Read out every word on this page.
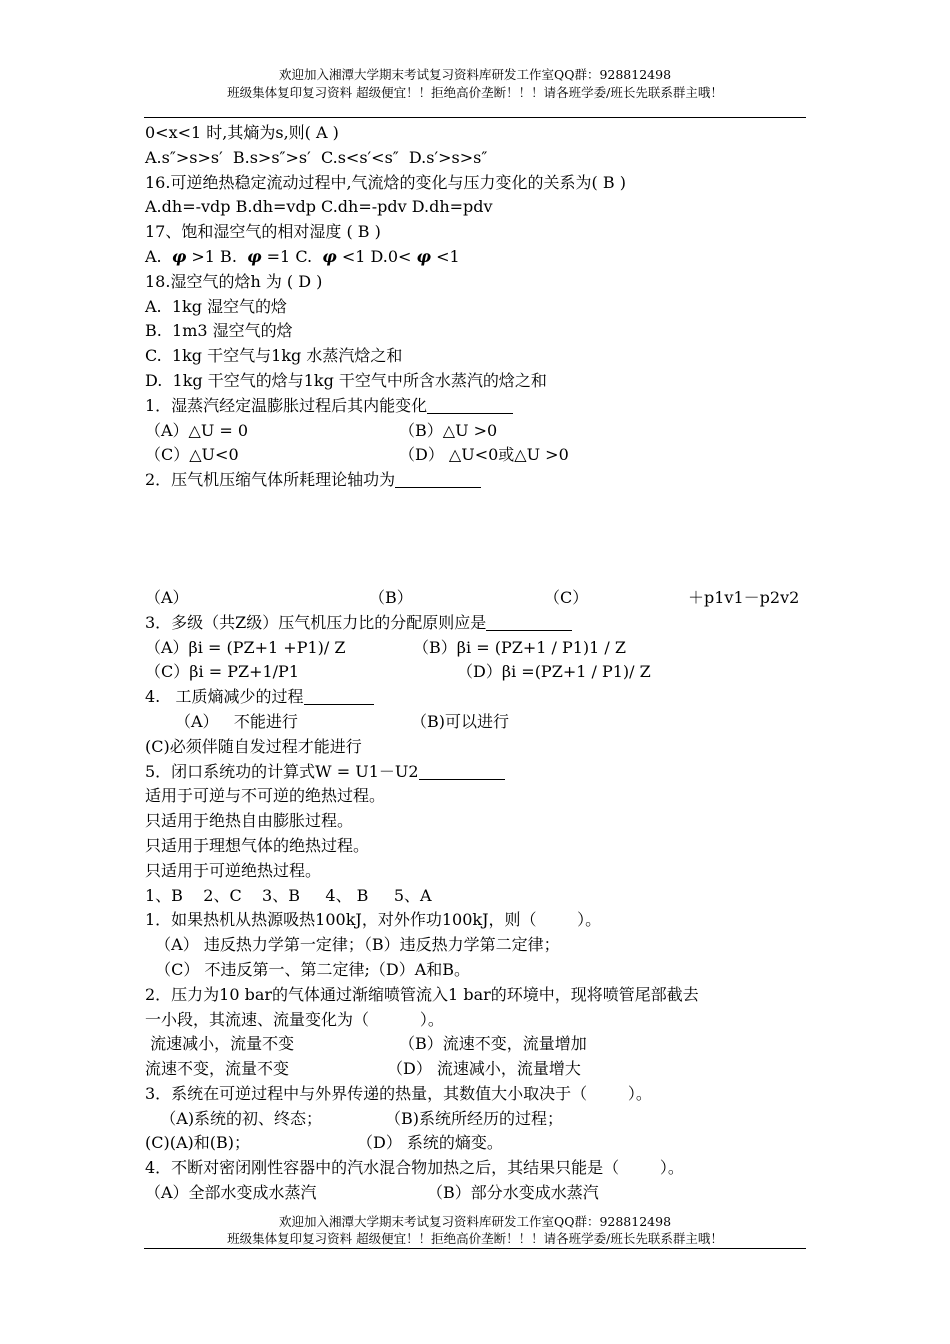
欢迎加入湘潭大学期末考试复习资料库研发工作室QQ群：928812498
班级集体复印复习资料 超级便宜！！拒绝高价垄断！！！请各班学委/班长先联系群主哦！
0<x<1 时,其熵为s,则( A )
A.s″>s>s′  B.s>s″>s′  C.s<s′<s″  D.s′>s>s″
16.可逆绝热稳定流动过程中,气流焓的变化与压力变化的关系为( B )
A.dh=-vdp B.dh=vdp C.dh=-pdv D.dh=pdv
17、饱和湿空气的相对湿度 ( B )
A.  φ >1 B.  φ =1 C.  φ <1 D.0< φ <1
18.湿空气的焓h 为 ( D )
A.  1kg 湿空气的焓
B.  1m3 湿空气的焓
C.  1kg 干空气与1kg 水蒸汽焓之和
D.  1kg 干空气的焓与1kg 干空气中所含水蒸汽的焓之和
1．湿蒸汽经定温膨胀过程后其内能变化
（A）△U = 0	（B）△U >0
（C）△U<0	（D） △U<0或△U >0
2．压气机压缩气体所耗理论轴功为
（A）	（B）	（C）	＋p1v1－p2v2
3．多级（共Z级）压气机压力比的分配原则应是
（A）βi = (PZ+1 +P1)/ Z	（B）βi = (PZ+1 / P1)1 / Z
（C）βi = PZ+1/P1	（D）βi =(PZ+1 / P1)/ Z
4.   工质熵减少的过程
（A）   不能进行	（B)可以进行
(C)必须伴随自发过程才能进行
5．闭口系统功的计算式W = U1－U2
适用于可逆与不可逆的绝热过程。
只适用于绝热自由膨胀过程。
只适用于理想气体的绝热过程。
只适用于可逆绝热过程。
1、B    2、C    3、B     4、 B     5、A
1．如果热机从热源吸热100kJ，对外作功100kJ，则（        ）。
（A） 违反热力学第一定律；（B）违反热力学第二定律；
（C） 不违反第一、第二定律;（D）A和B。
2．压力为10 bar的气体通过渐缩喷管流入1 bar的环境中，现将喷管尾部截去
一小段，其流速、流量变化为（          ）。
流速减小，流量不变	（B）流速不变，流量增加
流速不变，流量不变	（D） 流速减小，流量增大
3．系统在可逆过程中与外界传递的热量，其数值大小取决于（        ）。
（A)系统的初、终态；	（B)系统所经历的过程；
(C)(A)和(B)；	（D） 系统的熵变。
4．不断对密闭刚性容器中的汽水混合物加热之后，其结果只能是（        ）。
（A）全部水变成水蒸汽	（B）部分水变成水蒸汽
欢迎加入湘潭大学期末考试复习资料库研发工作室QQ群：928812498
班级集体复印复习资料 超级便宜！！拒绝高价垄断！！！请各班学委/班长先联系群主哦！
